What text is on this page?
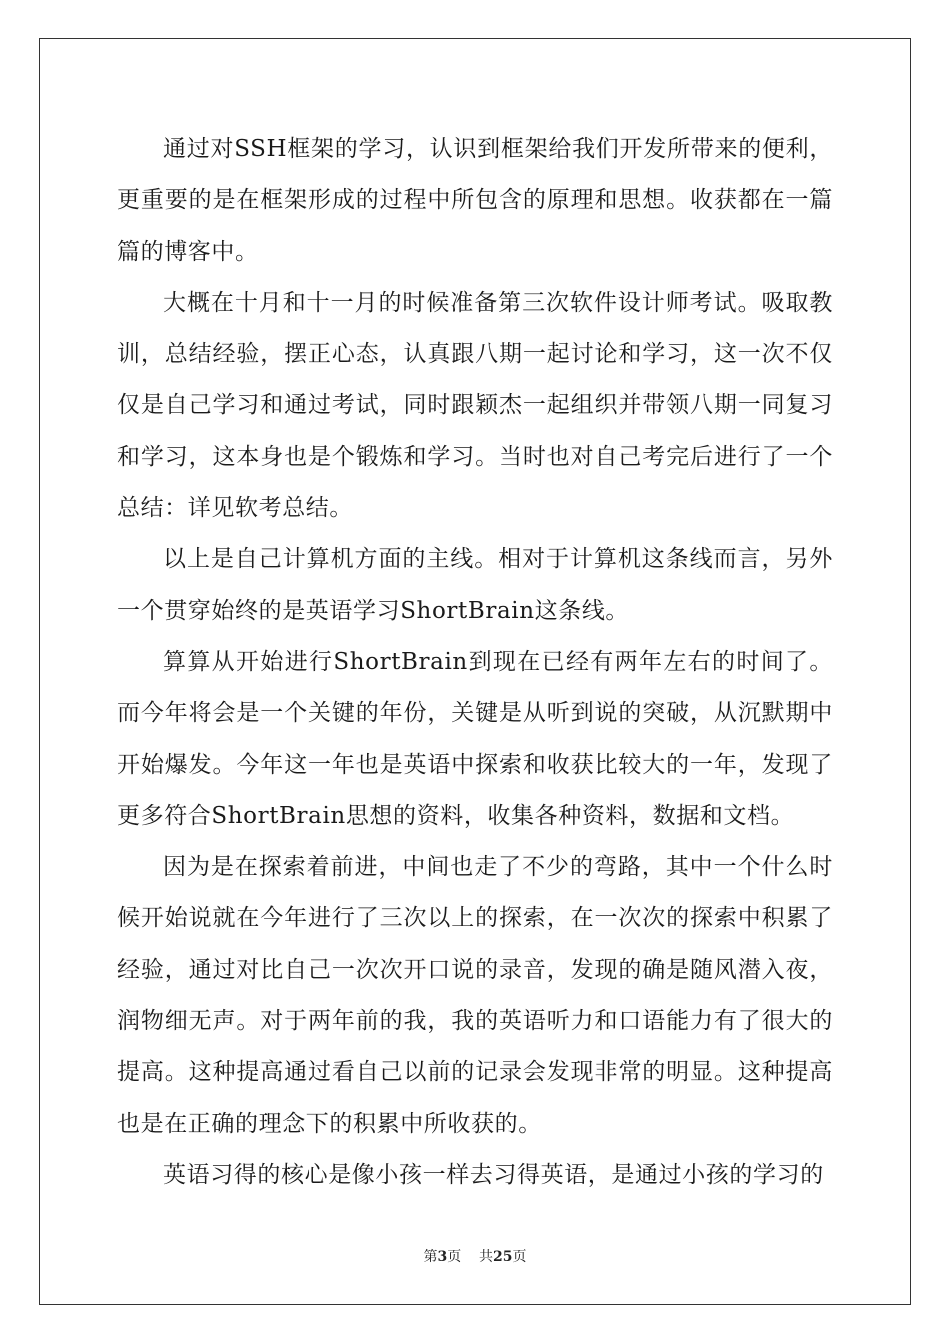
通过对SSH框架的学习，认识到框架给我们开发所带来的便利，更重要的是在框架形成的过程中所包含的原理和思想。收获都在一篇篇的博客中。

大概在十月和十一月的时候准备第三次软件设计师考试。吸取教训，总结经验，摆正心态，认真跟八期一起讨论和学习，这一次不仅仅是自己学习和通过考试，同时跟颖杰一起组织并带领八期一同复习和学习，这本身也是个锻炼和学习。当时也对自己考完后进行了一个总结：详见软考总结。

以上是自己计算机方面的主线。相对于计算机这条线而言，另外一个贯穿始终的是英语学习ShortBrain这条线。

算算从开始进行ShortBrain到现在已经有两年左右的时间了。而今年将会是一个关键的年份，关键是从听到说的突破，从沉默期中开始爆发。今年这一年也是英语中探索和收获比较大的一年，发现了更多符合ShortBrain思想的资料，收集各种资料，数据和文档。

因为是在探索着前进，中间也走了不少的弯路，其中一个什么时候开始说就在今年进行了三次以上的探索，在一次次的探索中积累了经验，通过对比自己一次次开口说的录音，发现的确是随风潜入夜，润物细无声。对于两年前的我，我的英语听力和口语能力有了很大的提高。这种提高通过看自己以前的记录会发现非常的明显。这种提高也是在正确的理念下的积累中所收获的。

英语习得的核心是像小孩一样去习得英语，是通过小孩的学习的

第3页 共25页
